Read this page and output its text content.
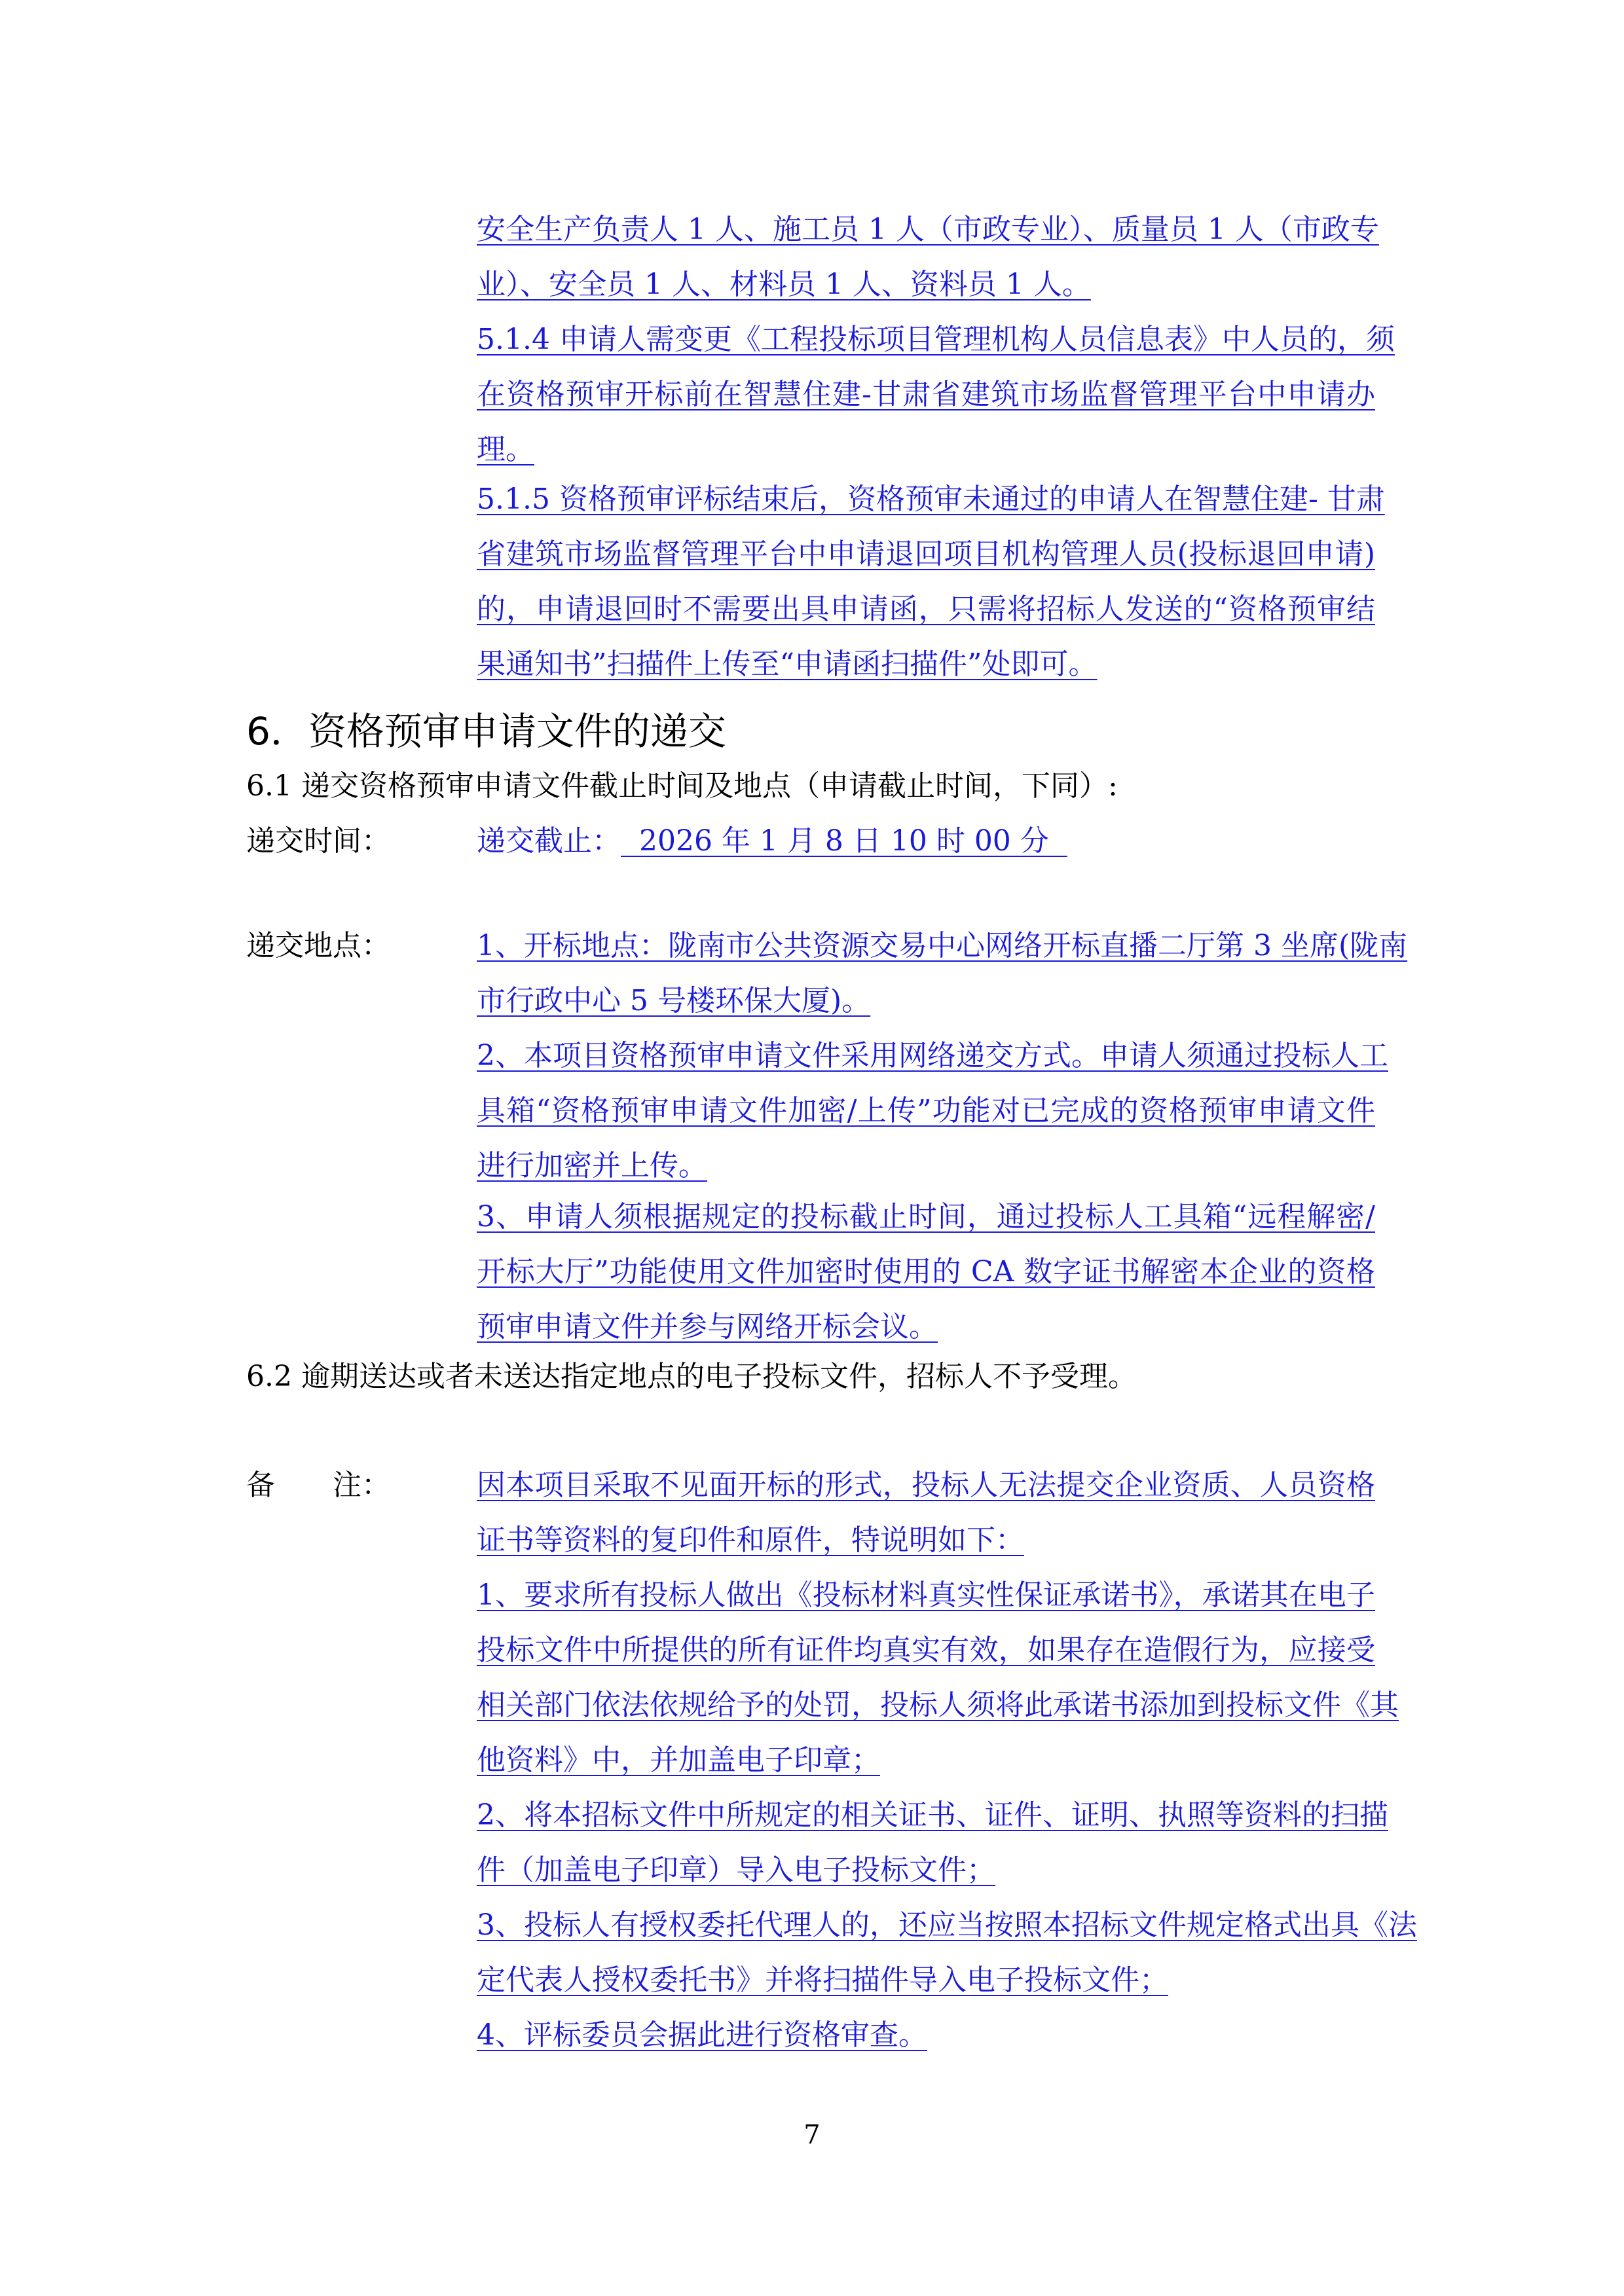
安全生产负责人 1 人、施工员 1 人（市政专业）、质量员 1 人（市政专
业）、安全员 1 人、材料员 1 人、资料员 1 人。
5.1.4 申请人需变更《工程投标项目管理机构人员信息表》中人员的，须
在资格预审开标前在智慧住建-甘肃省建筑市场监督管理平台中申请办
理。
5.1.5 资格预审评标结束后，资格预审未通过的申请人在智慧住建- 甘肃
省建筑市场监督管理平台中申请退回项目机构管理人员(投标退回申请)
的，申请退回时不需要出具申请函，只需将招标人发送的“资格预审结
果通知书”扫描件上传至“申请函扫描件”处即可。
6．资格预审申请文件的递交
6.1 递交资格预审申请文件截止时间及地点（申请截止时间，下同）:
递交时间：	递交截止：  2026 年 1 月 8 日 10 时 00 分
递交地点：	1、开标地点：陇南市公共资源交易中心网络开标直播二厅第 3 坐席(陇南
市行政中心 5 号楼环保大厦)。
2、本项目资格预审申请文件采用网络递交方式。申请人须通过投标人工
具箱“资格预审申请文件加密/上传”功能对已完成的资格预审申请文件
进行加密并上传。
3、申请人须根据规定的投标截止时间，通过投标人工具箱“远程解密/
开标大厅”功能使用文件加密时使用的 CA 数字证书解密本企业的资格
预审申请文件并参与网络开标会议。
6.2 逾期送达或者未送达指定地点的电子投标文件，招标人不予受理。
备 注：	因本项目采取不见面开标的形式，投标人无法提交企业资质、人员资格
证书等资料的复印件和原件，特说明如下：
1、要求所有投标人做出《投标材料真实性保证承诺书》，承诺其在电子
投标文件中所提供的所有证件均真实有效，如果存在造假行为，应接受
相关部门依法依规给予的处罚，投标人须将此承诺书添加到投标文件《其
他资料》中，并加盖电子印章；
2、将本招标文件中所规定的相关证书、证件、证明、执照等资料的扫描
件（加盖电子印章）导入电子投标文件；
3、投标人有授权委托代理人的，还应当按照本招标文件规定格式出具《法
定代表人授权委托书》并将扫描件导入电子投标文件；
4、评标委员会据此进行资格审查。
7
